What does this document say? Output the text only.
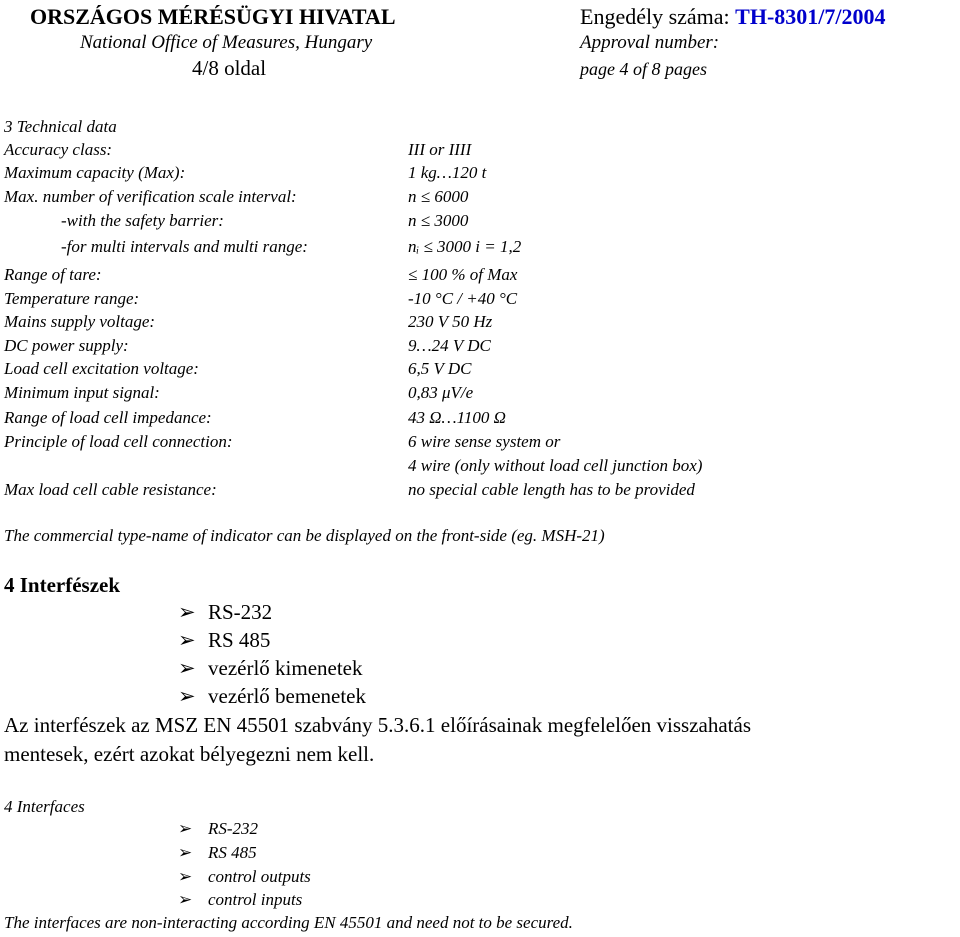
ORSZÁGOS MÉRÉSÜGYI HIVATAL
National Office of Measures, Hungary
4/8 oldal
Engedély száma: TH-8301/7/2004
Approval number:
page 4 of 8 pages
3 Technical data
Accuracy class:	III or IIII
Maximum capacity (Max):	1 kg…120 t
Max. number of verification scale interval:	n ≤ 6000
-with the safety barrier:	n ≤ 3000
-for multi intervals and multi range:	nᵢ ≤ 3000 i = 1,2
Range of tare:	≤ 100 % of Max
Temperature range:	-10 °C / +40 °C
Mains supply voltage:	230 V 50 Hz
DC power supply:	9…24 V DC
Load cell excitation voltage:	6,5 V DC
Minimum input signal:	0,83 μV/e
Range of load cell impedance:	43 Ω…1100 Ω
Principle of load cell connection:	6 wire sense system or
4 wire (only without load cell junction box)
Max load cell cable resistance:	no special cable length has to be provided
The commercial type-name of indicator can be displayed on the front-side (eg. MSH-21)
4 Interfészek
➢ RS-232
➢ RS 485
➢ vezérlő kimenetek
➢ vezérlő bemenetek
Az interfészek az MSZ EN 45501 szabvány 5.3.6.1 előírásainak megfelelően visszahatás
mentesek, ezért azokat bélyegezni nem kell.
4 Interfaces
➢ RS-232
➢ RS 485
➢ control outputs
➢ control inputs
The interfaces are non-interacting according EN 45501 and need not to be secured.
